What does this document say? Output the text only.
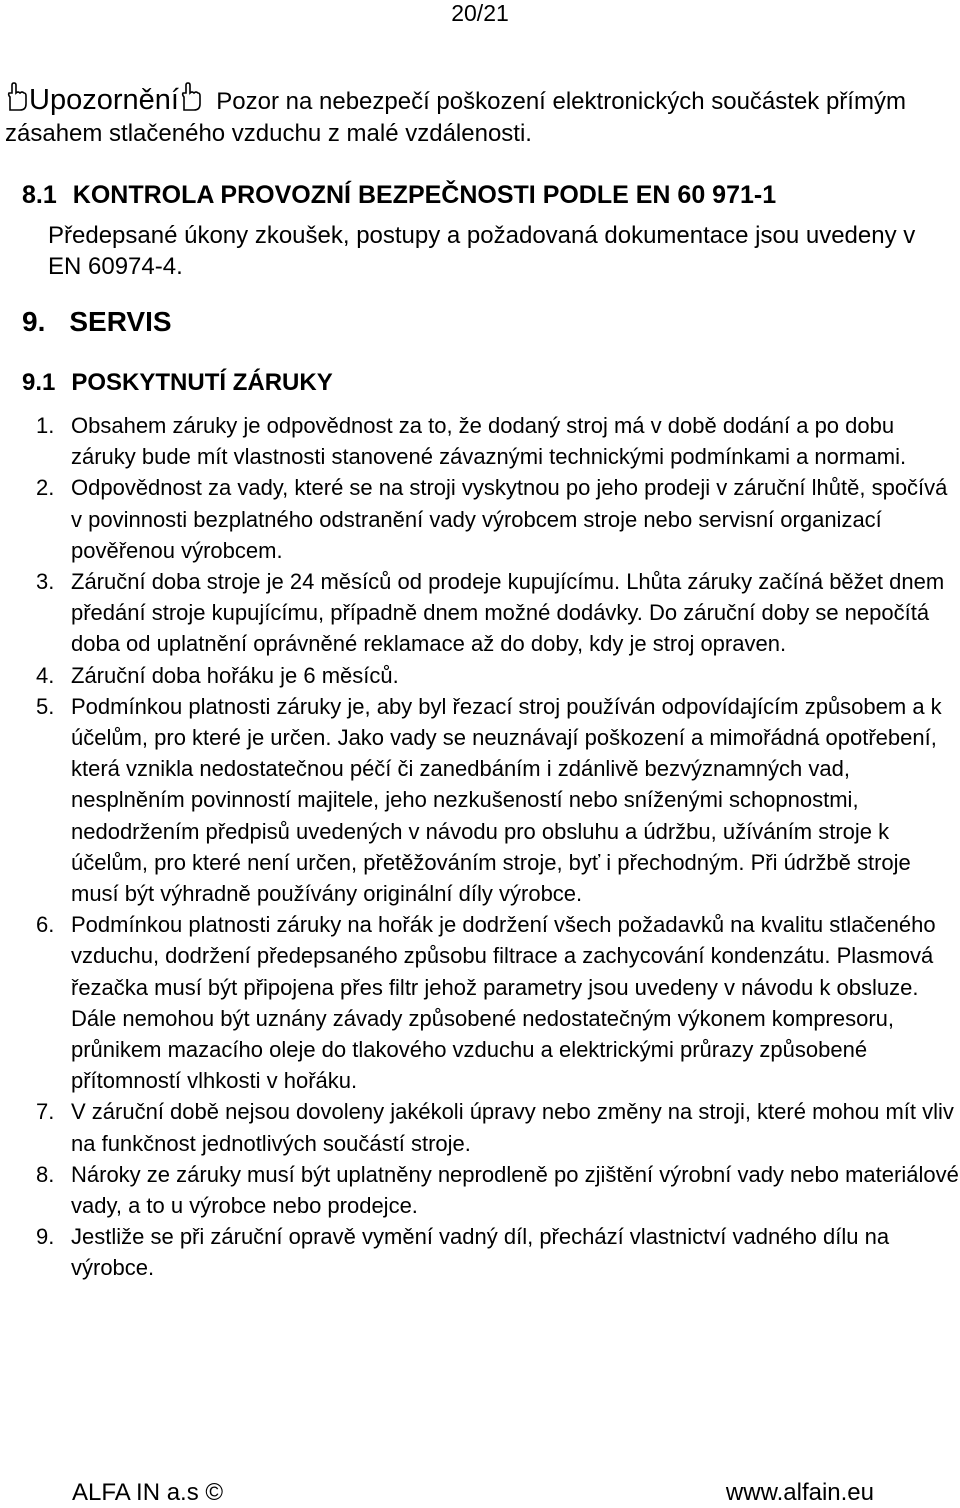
20/21
Upozornění Pozor na nebezpečí poškození elektronických součástek přímým zásahem stlačeného vzduchu z malé vzdálenosti.
8.1 KONTROLA PROVOZNÍ BEZPEČNOSTI PODLE EN 60 971-1
Předepsané úkony zkoušek, postupy a požadovaná dokumentace jsou uvedeny v EN 60974-4.
9. SERVIS
9.1 POSKYTNUTÍ ZÁRUKY
1. Obsahem záruky je odpovědnost za to, že dodaný stroj má v době dodání a po dobu záruky bude mít vlastnosti stanovené závaznými technickými podmínkami a normami.
2. Odpovědnost za vady, které se na stroji vyskytnou po jeho prodeji v záruční lhůtě, spočívá v povinnosti bezplatného odstranění vady výrobcem stroje nebo servisní organizací pověřenou výrobcem.
3. Záruční doba stroje je 24 měsíců od prodeje kupujícímu. Lhůta záruky začíná běžet dnem předání stroje kupujícímu, případně dnem možné dodávky. Do záruční doby se nepočítá doba od uplatnění oprávněné reklamace až do doby, kdy je stroj opraven.
4. Záruční doba hořáku je 6 měsíců.
5. Podmínkou platnosti záruky je, aby byl řezací stroj používán odpovídajícím způsobem a k účelům, pro které je určen. Jako vady se neuznávají poškození a mimořádná opotřebení, která vznikla nedostatečnou péčí či zanedbáním i zdánlivě bezvýznamných vad, nesplněním povinností majitele, jeho nezkušeností nebo sníženými schopnostmi, nedodržením předpisů uvedených v návodu pro obsluhu a údržbu, užíváním stroje k účelům, pro které není určen, přetěžováním stroje, byť i přechodným. Při údržbě stroje musí být výhradně používány originální díly výrobce.
6. Podmínkou platnosti záruky na hořák je dodržení všech požadavků na kvalitu stlačeného vzduchu, dodržení předepsaného způsobu filtrace a zachycování kondenzátu. Plasmová řezačka musí být připojena přes filtr jehož parametry jsou uvedeny v návodu k obsluze. Dále nemohou být uznány závady způsobené nedostatečným výkonem kompresoru, průnikem mazacího oleje do tlakového vzduchu a elektrickými průrazy způsobené přítomností vlhkosti v hořáku.
7. V záruční době nejsou dovoleny jakékoli úpravy nebo změny na stroji, které mohou mít vliv na funkčnost jednotlivých součástí stroje.
8. Nároky ze záruky musí být uplatněny neprodleně po zjištění výrobní vady nebo materiálové vady, a to u výrobce nebo prodejce.
9. Jestliže se při záruční opravě vymění vadný díl, přechází vlastnictví vadného dílu na výrobce.
ALFA IN a.s ©	www.alfain.eu
